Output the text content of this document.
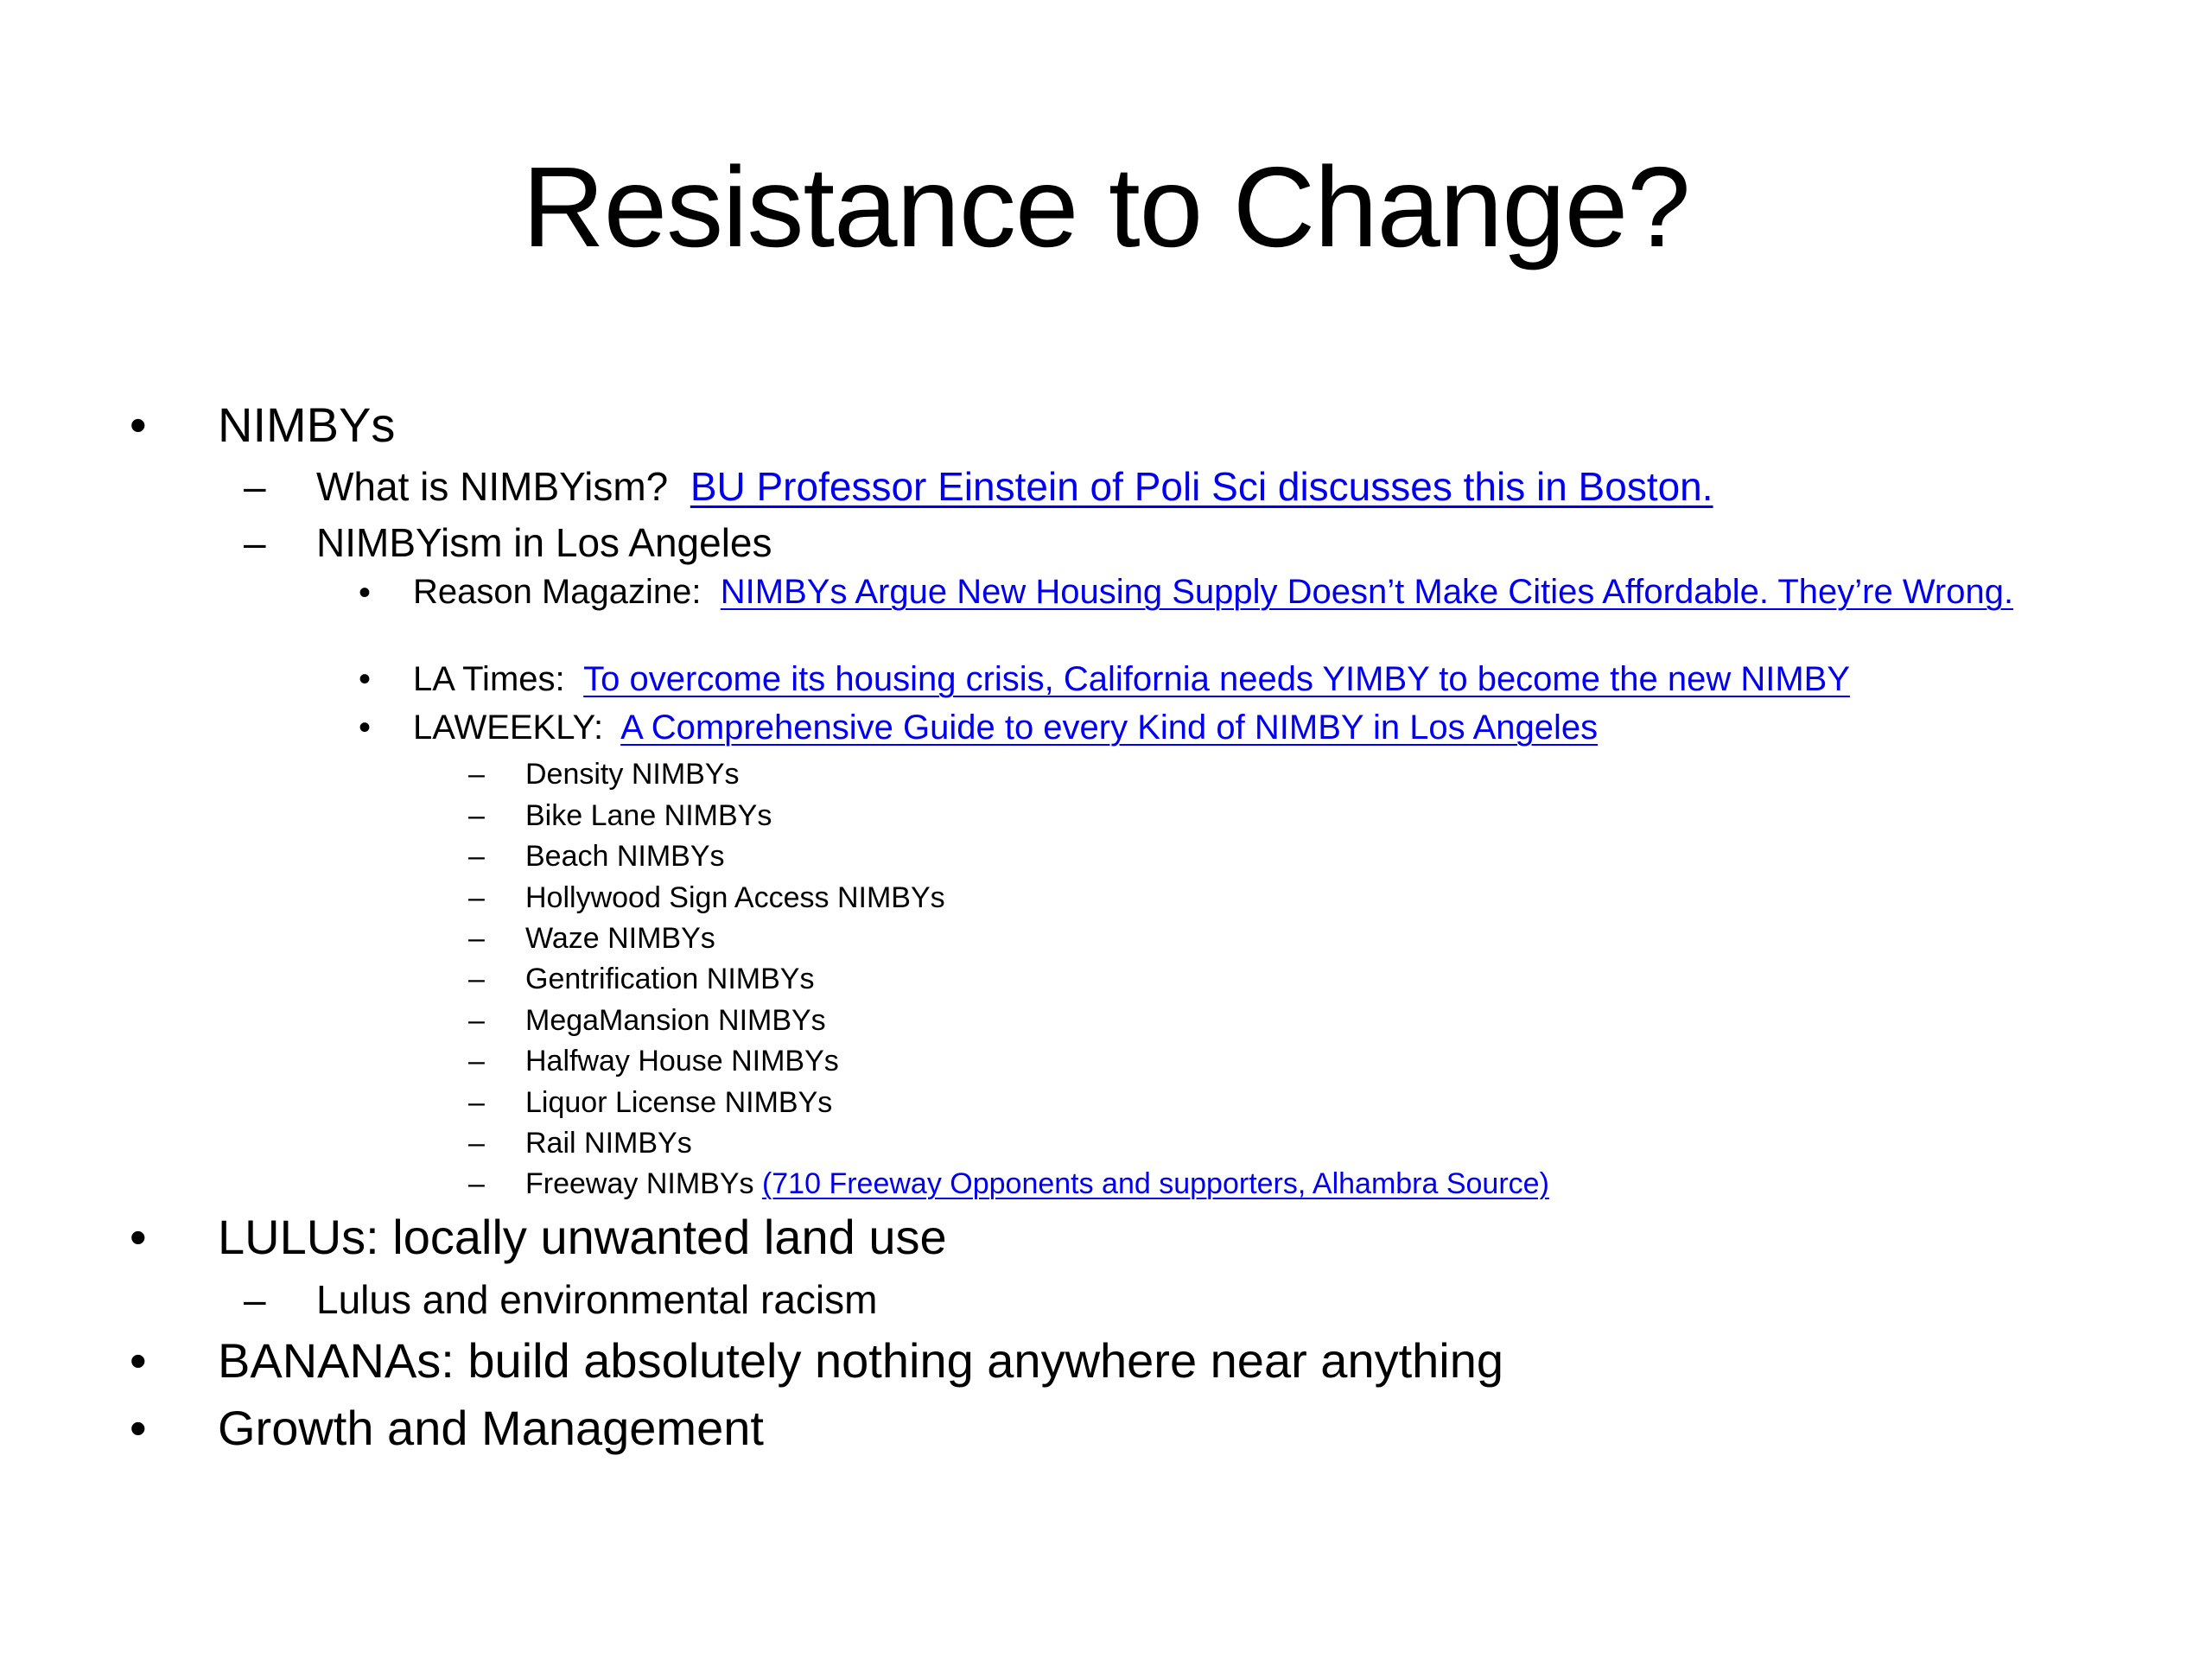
Resistance to Change?
• NIMBYs
– What is NIMBYism? BU Professor Einstein of Poli Sci discusses this in Boston.
– NIMBYism in Los Angeles
• Reason Magazine: NIMBYs Argue New Housing Supply Doesn’t Make Cities Affordable. They’re Wrong.
• LA Times: To overcome its housing crisis, California needs YIMBY to become the new NIMBY
• LAWEEKLY: A Comprehensive Guide to every Kind of NIMBY in Los Angeles
– Density NIMBYs
– Bike Lane NIMBYs
– Beach NIMBYs
– Hollywood Sign Access NIMBYs
– Waze NIMBYs
– Gentrification NIMBYs
– MegaMansion NIMBYs
– Halfway House NIMBYs
– Liquor License NIMBYs
– Rail NIMBYs
– Freeway NIMBYs (710 Freeway Opponents and supporters, Alhambra Source)
• LULUs: locally unwanted land use
– Lulus and environmental racism
• BANANAs: build absolutely nothing anywhere near anything
• Growth and Management
